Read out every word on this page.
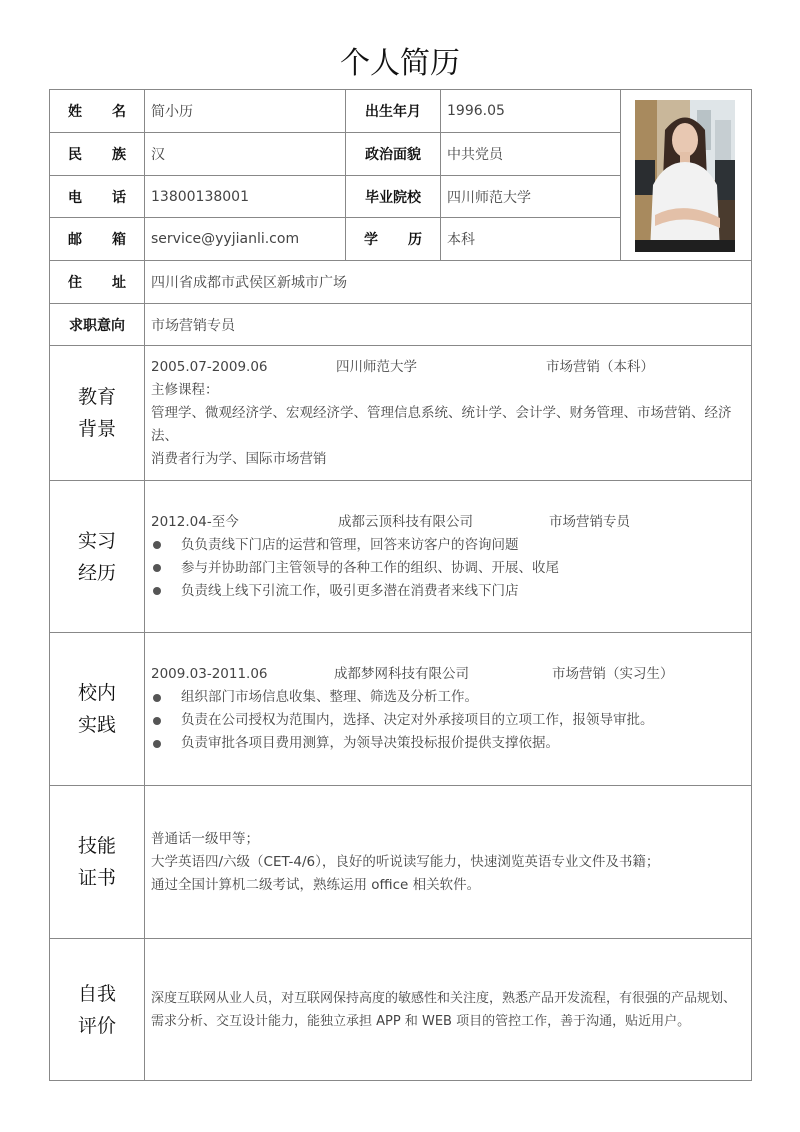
个人简历
姓 名	简小历	出生年月	1996.05
民 族	汉	政治面貌	中共党员
电 话	13800138001	毕业院校	四川师范大学
邮 箱	service@yyjianli.com	学 历	本科
住 址	四川省成都市武侯区新城市广场
求职意向	市场营销专员
教育
背景
2005.07-2009.06	四川师范大学	市场营销（本科）
主修课程：
管理学、微观经济学、宏观经济学、管理信息系统、统计学、会计学、财务管理、市场营销、经济法、
消费者行为学、国际市场营销
实习
经历
2012.04-至今	成都云顶科技有限公司	市场营销专员
负负责线下门店的运营和管理，回答来访客户的咨询问题
参与并协助部门主管领导的各种工作的组织、协调、开展、收尾
负责线上线下引流工作，吸引更多潜在消费者来线下门店
校内
实践
2009.03-2011.06	成都梦网科技有限公司	市场营销（实习生）
组织部门市场信息收集、整理、筛选及分析工作。
负责在公司授权为范围内，选择、决定对外承接项目的立项工作，报领导审批。
负责审批各项目费用测算，为领导决策投标报价提供支撑依据。
技能
证书
普通话一级甲等；
大学英语四/六级（CET-4/6），良好的听说读写能力，快速浏览英语专业文件及书籍；
通过全国计算机二级考试，熟练运用 office 相关软件。
自我
评价
深度互联网从业人员，对互联网保持高度的敏感性和关注度，熟悉产品开发流程，有很强的产品规划、
需求分析、交互设计能力，能独立承担 APP 和 WEB 项目的管控工作，善于沟通，贴近用户。
